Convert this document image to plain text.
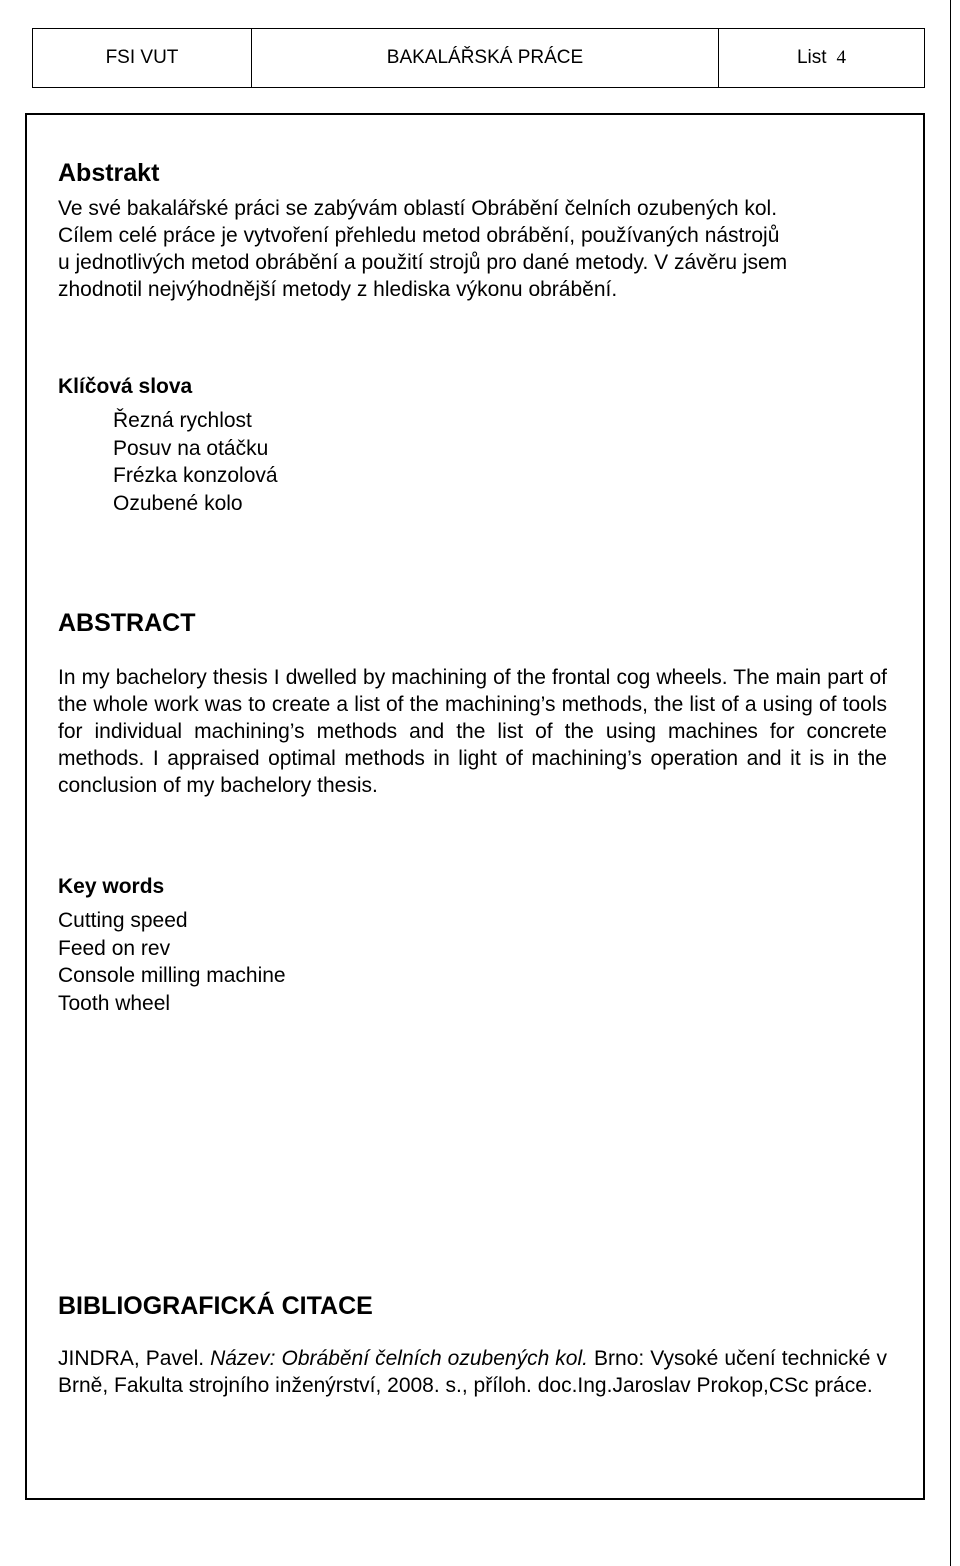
FSI VUT	BAKALÁŘSKÁ PRÁCE	List 4
Abstrakt
Ve své bakalářské práci se zabývám oblastí Obrábění čelních ozubených kol.
Cílem celé práce je vytvoření přehledu metod obrábění, používaných nástrojů
u jednotlivých metod obrábění a použití strojů pro dané metody. V závěru jsem
zhodnotil nejvýhodnější metody z hlediska výkonu obrábění.
Klíčová slova
Řezná rychlost
Posuv na otáčku
Frézka konzolová
Ozubené kolo
ABSTRACT

In my bachelory thesis I dwelled by machining of the frontal cog wheels. The main part of the whole work was to create a list of the machining’s methods, the list of a using of tools for individual machining’s methods and the list of the using machines for concrete methods. I appraised optimal methods in light of machining’s operation and it is in the conclusion of my bachelory thesis.

Key words
Cutting speed
Feed on rev
Console milling machine
Tooth wheel
BIBLIOGRAFICKÁ CITACE

JINDRA, Pavel. Název: Obrábění čelních ozubených kol. Brno: Vysoké učení technické v Brně, Fakulta strojního inženýrství, 2008. s., příloh. doc.Ing.Jaroslav Prokop,CSc práce.
